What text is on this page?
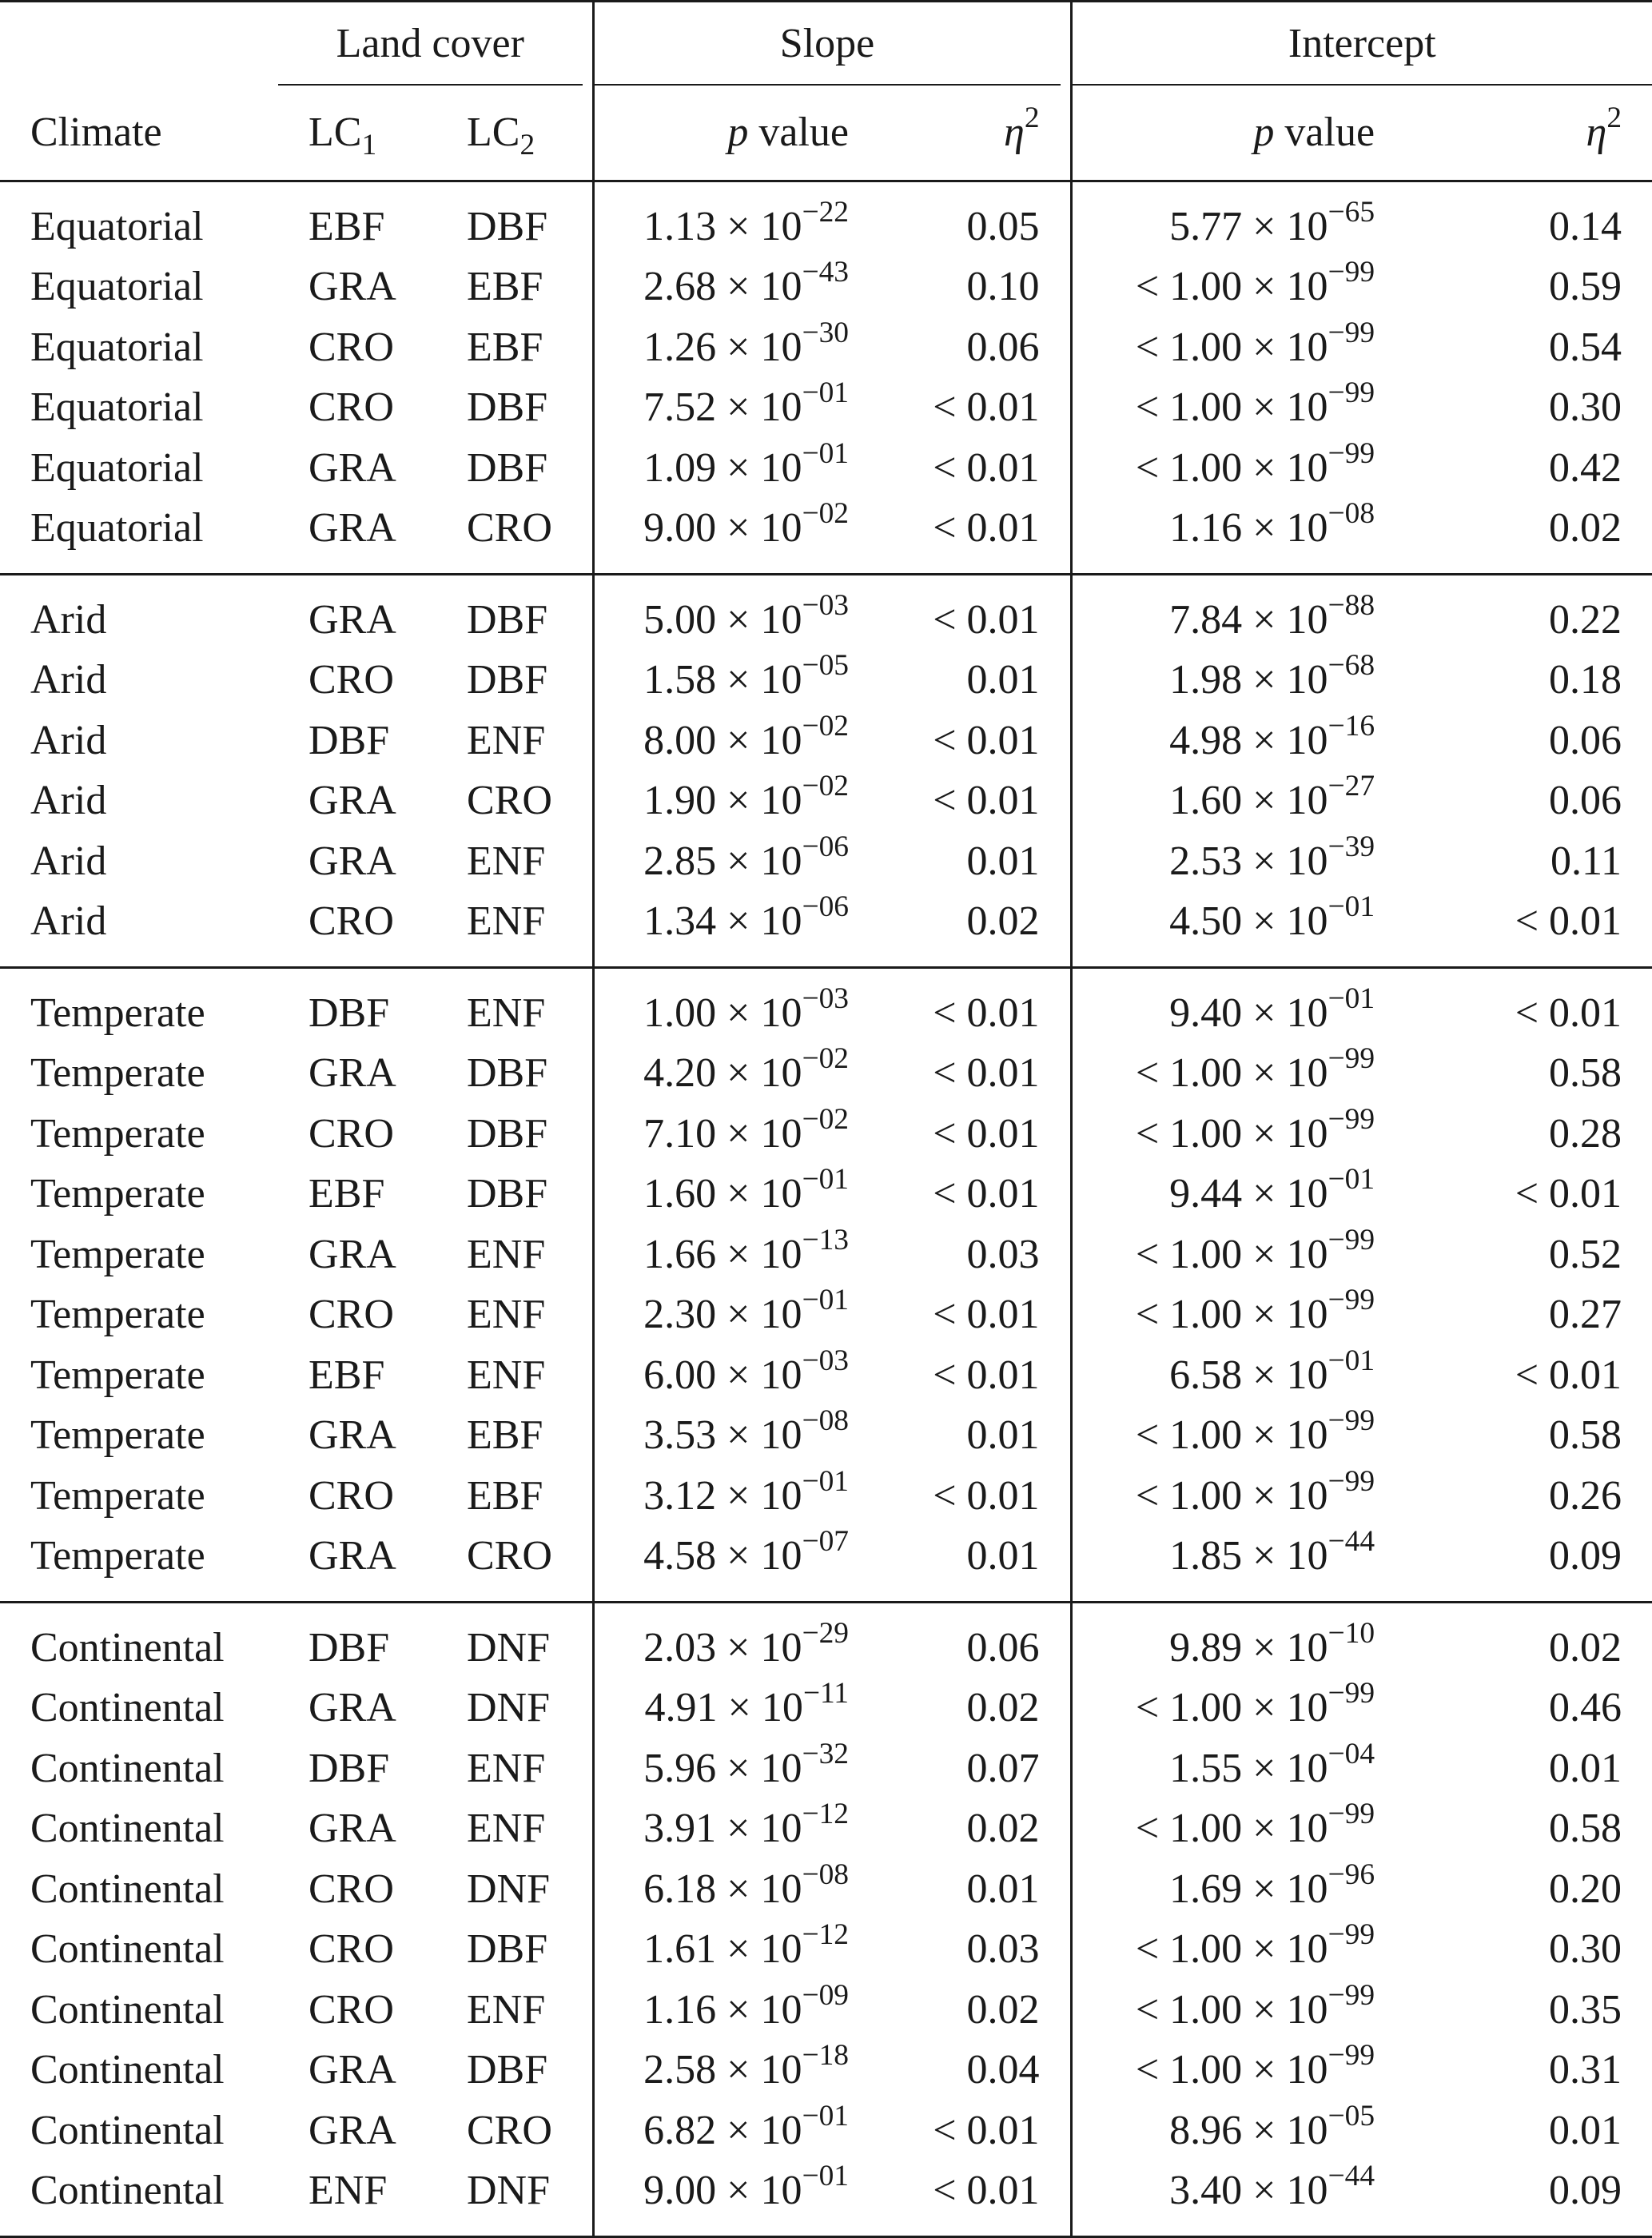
	Land cover		Slope		Intercept	

Climate	$LC_1$	$LC_2$	p value	$\eta^2$	p value	$\eta^2$
Equatorial	EBF	DBF	$1.13 \times 10^{-22}$	0.05	$5.77 \times 10^{-65}$	0.14
Equatorial	GRA	EBF	$2.68 \times 10^{-43}$	0.10	< $1.00 \times 10^{-99}$	0.59
Equatorial	CRO	EBF	$1.26 \times 10^{-30}$	0.06	< $1.00 \times 10^{-99}$	0.54
Equatorial	CRO	DBF	$7.52 \times 10^{-01}$	< 0.01	< $1.00 \times 10^{-99}$	0.30
Equatorial	GRA	DBF	$1.09 \times 10^{-01}$	< 0.01	< $1.00 \times 10^{-99}$	0.42
Equatorial	GRA	CRO	$9.00 \times 10^{-02}$	< 0.01	$1.16 \times 10^{-08}$	0.02
Arid	GRA	DBF	$5.00 \times 10^{-03}$	< 0.01	$7.84 \times 10^{-88}$	0.22
Arid	CRO	DBF	$1.58 \times 10^{-05}$	0.01	$1.98 \times 10^{-68}$	0.18
Arid	DBF	ENF	$8.00 \times 10^{-02}$	< 0.01	$4.98 \times 10^{-16}$	0.06
Arid	GRA	CRO	$1.90 \times 10^{-02}$	< 0.01	$1.60 \times 10^{-27}$	0.06
Arid	GRA	ENF	$2.85 \times 10^{-06}$	0.01	$2.53 \times 10^{-39}$	0.11
Arid	CRO	ENF	$1.34 \times 10^{-06}$	0.02	$4.50 \times 10^{-01}$	< 0.01
Temperate	DBF	ENF	$1.00 \times 10^{-03}$	< 0.01	$9.40 \times 10^{-01}$	< 0.01
Temperate	GRA	DBF	$4.20 \times 10^{-02}$	< 0.01	< $1.00 \times 10^{-99}$	0.58
Temperate	CRO	DBF	$7.10 \times 10^{-02}$	< 0.01	< $1.00 \times 10^{-99}$	0.28
Temperate	EBF	DBF	$1.60 \times 10^{-01}$	< 0.01	$9.44 \times 10^{-01}$	< 0.01
Temperate	GRA	ENF	$1.66 \times 10^{-13}$	0.03	< $1.00 \times 10^{-99}$	0.52
Temperate	CRO	ENF	$2.30 \times 10^{-01}$	< 0.01	< $1.00 \times 10^{-99}$	0.27
Temperate	EBF	ENF	$6.00 \times 10^{-03}$	< 0.01	$6.58 \times 10^{-01}$	< 0.01
Temperate	GRA	EBF	$3.53 \times 10^{-08}$	0.01	< $1.00 \times 10^{-99}$	0.58
Temperate	CRO	EBF	$3.12 \times 10^{-01}$	< 0.01	< $1.00 \times 10^{-99}$	0.26
Temperate	GRA	CRO	$4.58 \times 10^{-07}$	0.01	$1.85 \times 10^{-44}$	0.09
Continental	DBF	DNF	$2.03 \times 10^{-29}$	0.06	$9.89 \times 10^{-10}$	0.02
Continental	GRA	DNF	$4.91 \times 10^{-11}$	0.02	< $1.00 \times 10^{-99}$	0.46
Continental	DBF	ENF	$5.96 \times 10^{-32}$	0.07	$1.55 \times 10^{-04}$	0.01
Continental	GRA	ENF	$3.91 \times 10^{-12}$	0.02	< $1.00 \times 10^{-99}$	0.58
Continental	CRO	DNF	$6.18 \times 10^{-08}$	0.01	$1.69 \times 10^{-96}$	0.20
Continental	CRO	DBF	$1.61 \times 10^{-12}$	0.03	< $1.00 \times 10^{-99}$	0.30
Continental	CRO	ENF	$1.16 \times 10^{-09}$	0.02	< $1.00 \times 10^{-99}$	0.35
Continental	GRA	DBF	$2.58 \times 10^{-18}$	0.04	< $1.00 \times 10^{-99}$	0.31
Continental	GRA	CRO	$6.82 \times 10^{-01}$	< 0.01	$8.96 \times 10^{-05}$	0.01
Continental	ENF	DNF	$9.00 \times 10^{-01}$	< 0.01	$3.40 \times 10^{-44}$	0.09
